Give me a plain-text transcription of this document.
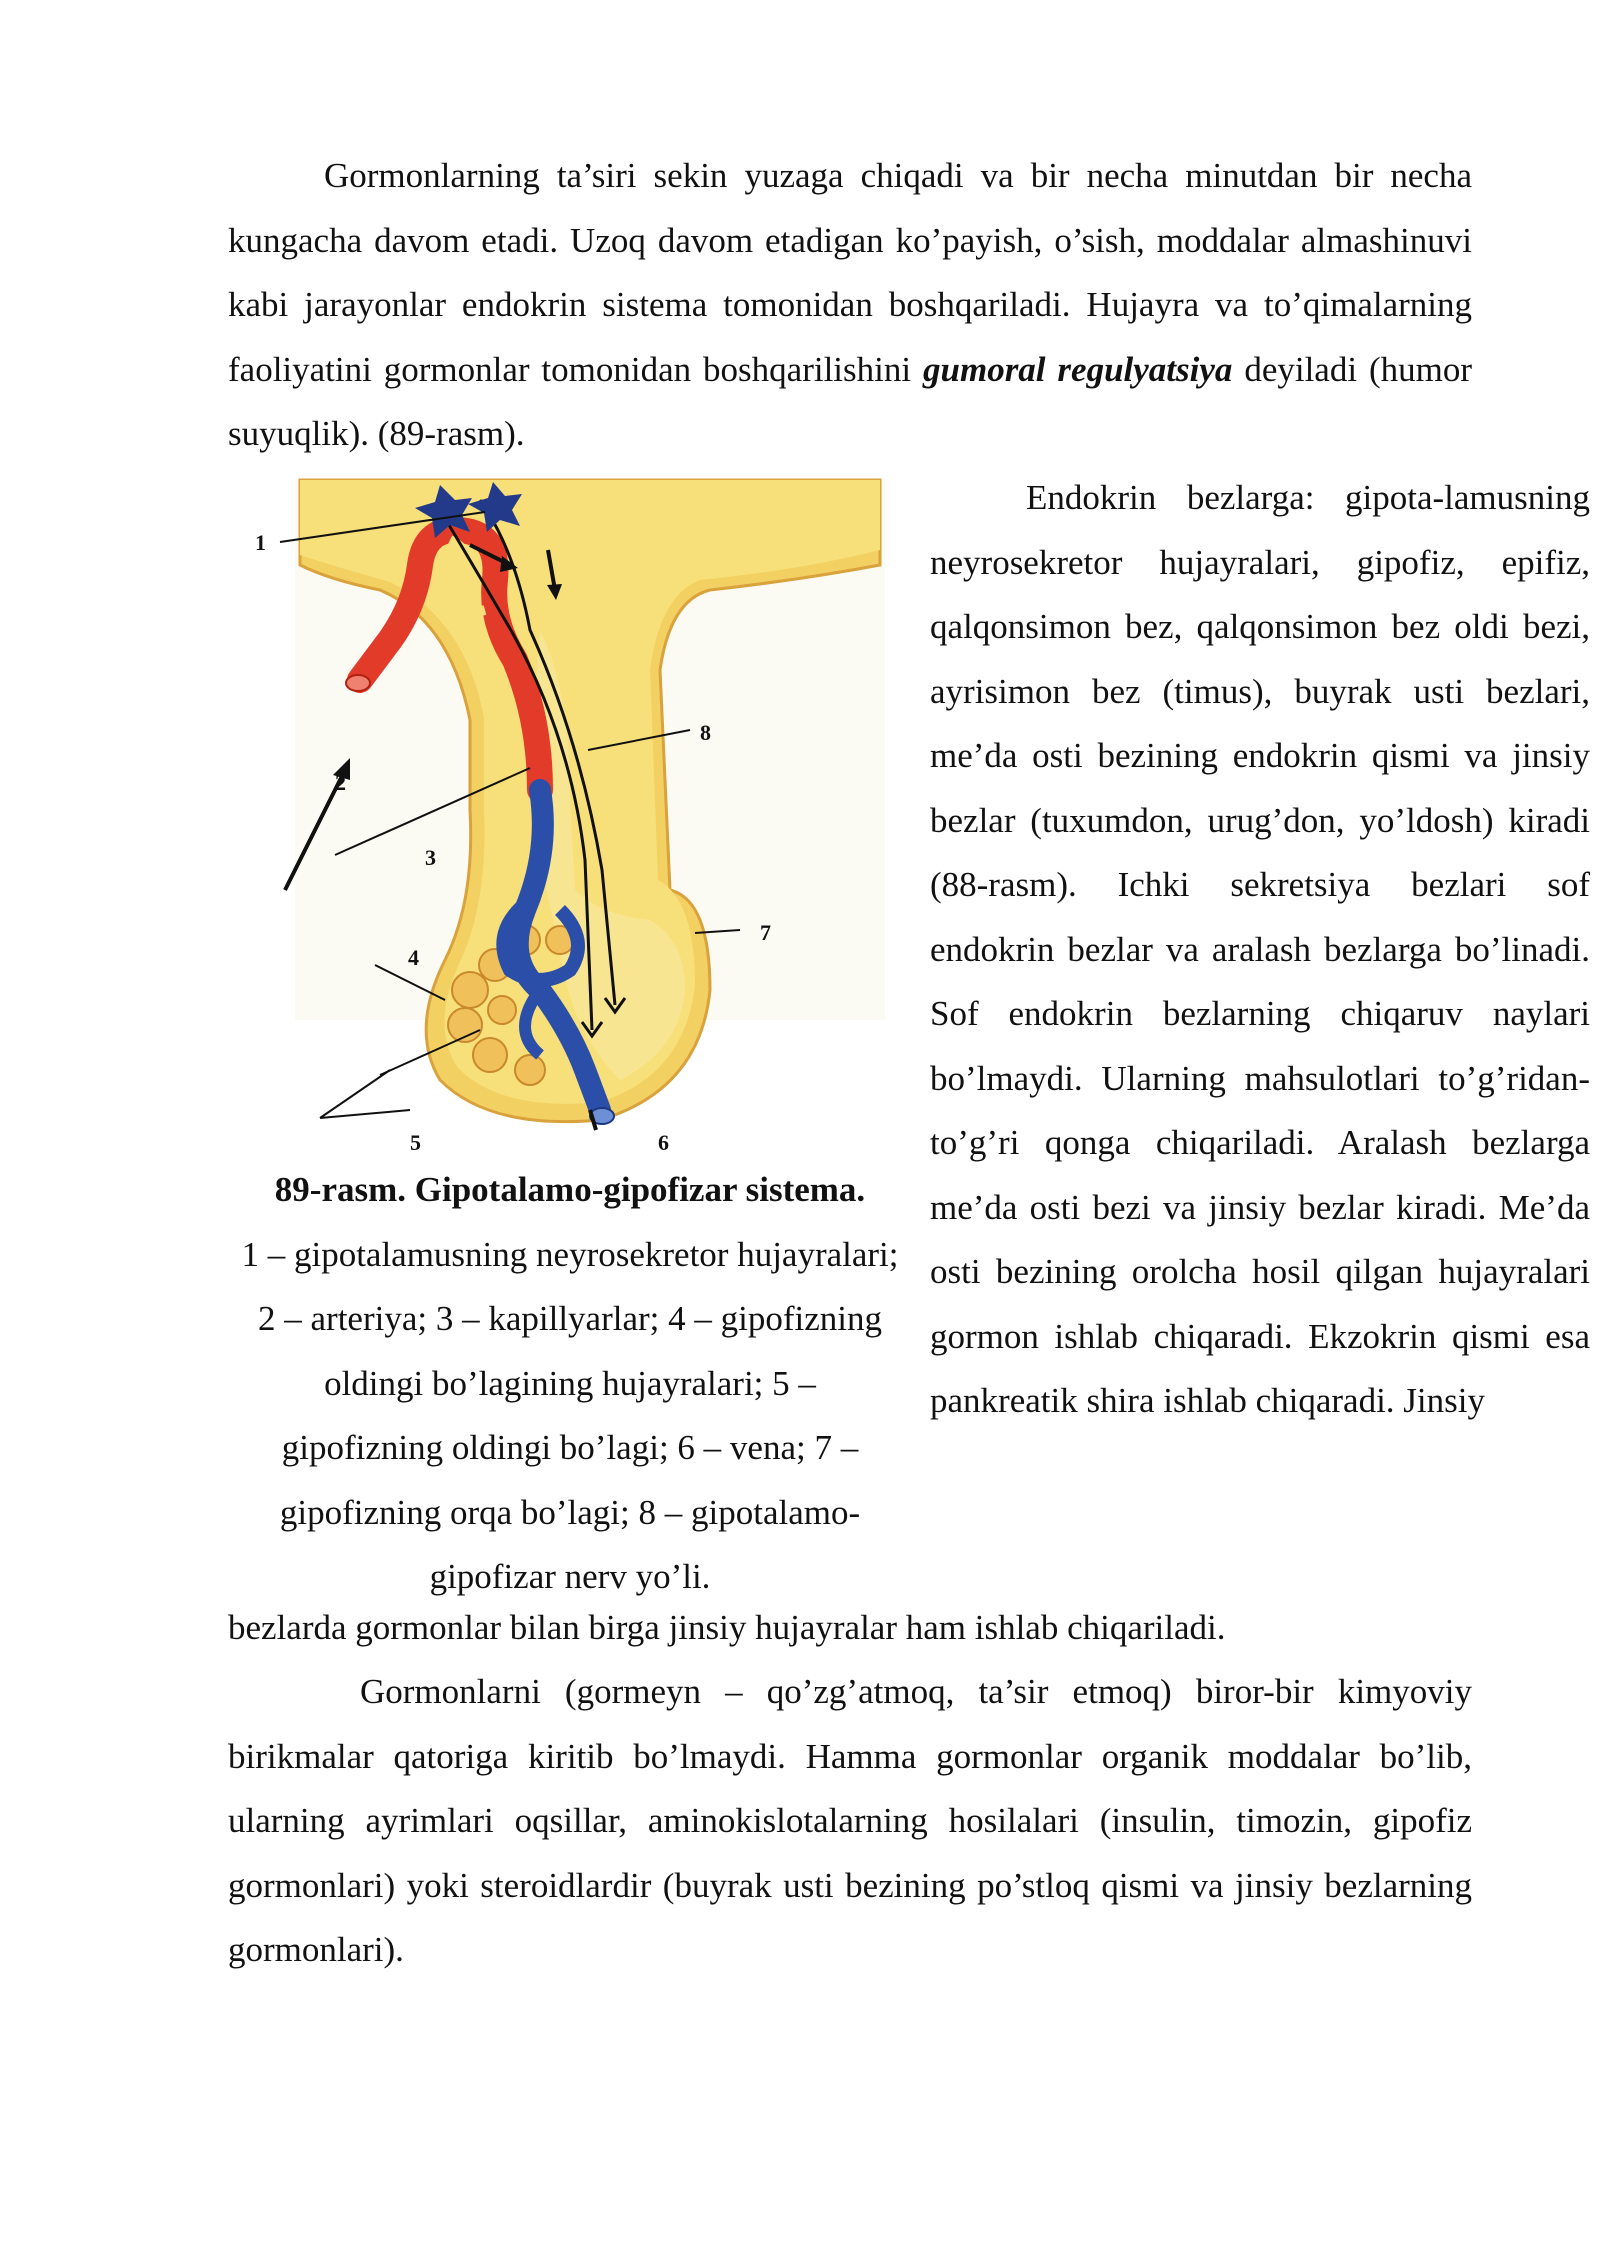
Gormonlarning ta’siri sekin yuzaga chiqadi va bir necha minutdan bir necha kungacha davom etadi. Uzoq davom etadigan ko’payish, o’sish, moddalar almashinuvi kabi jarayonlar endokrin sistema tomonidan boshqariladi. Hujayra va to’qimalarning faoliyatini gormonlar tomonidan boshqarilishini gumoral regulyatsiya deyiladi (humor suyuqlik). (89-rasm).

1
2
3
4
5	6
7
8

89-rasm. Gipotalamo-gipofizar sistema.
1 – gipotalamusning neyrosekretor hujayralari; 2 – arteriya; 3 – kapillyarlar; 4 – gipofizning oldingi bo’lagining hujayralari; 5 – gipofizning oldingi bo’lagi; 6 – vena; 7 – gipofizning orqa bo’lagi; 8 – gipotalamo-gipofizar nerv yo’li.

Endokrin bezlarga: gipota-lamusning neyrosekretor hujayralari, gipofiz, epifiz, qalqonsimon bez, qalqonsimon bez oldi bezi, ayrisimon bez (timus), buyrak usti bezlari, me’da osti bezining endokrin qismi va jinsiy bezlar (tuxumdon, urug’don, yo’ldosh) kiradi (88-rasm). Ichki sekretsiya bezlari sof endokrin bezlar va aralash bezlarga bo’linadi. Sof endokrin bezlarning chiqaruv naylari bo’lmaydi. Ularning mahsulotlari to’g’ridan-to’g’ri qonga chiqariladi. Aralash bezlarga me’da osti bezi va jinsiy bezlar kiradi. Me’da osti bezining orolcha hosil qilgan hujayralari gormon ishlab chiqaradi. Ekzokrin qismi esa pankreatik shira ishlab chiqaradi. Jinsiy

bezlarda gormonlar bilan birga jinsiy hujayralar ham ishlab chiqariladi.

Gormonlarni (gormeyn – qo’zg’atmoq, ta’sir etmoq) biror-bir kimyoviy birikmalar qatoriga kiritib bo’lmaydi. Hamma gormonlar organik moddalar bo’lib, ularning ayrimlari oqsillar, aminokislotalarning hosilalari (insulin, timozin, gipofiz gormonlari) yoki steroidlardir (buyrak usti bezining po’stloq qismi va jinsiy bezlarning gormonlari).
